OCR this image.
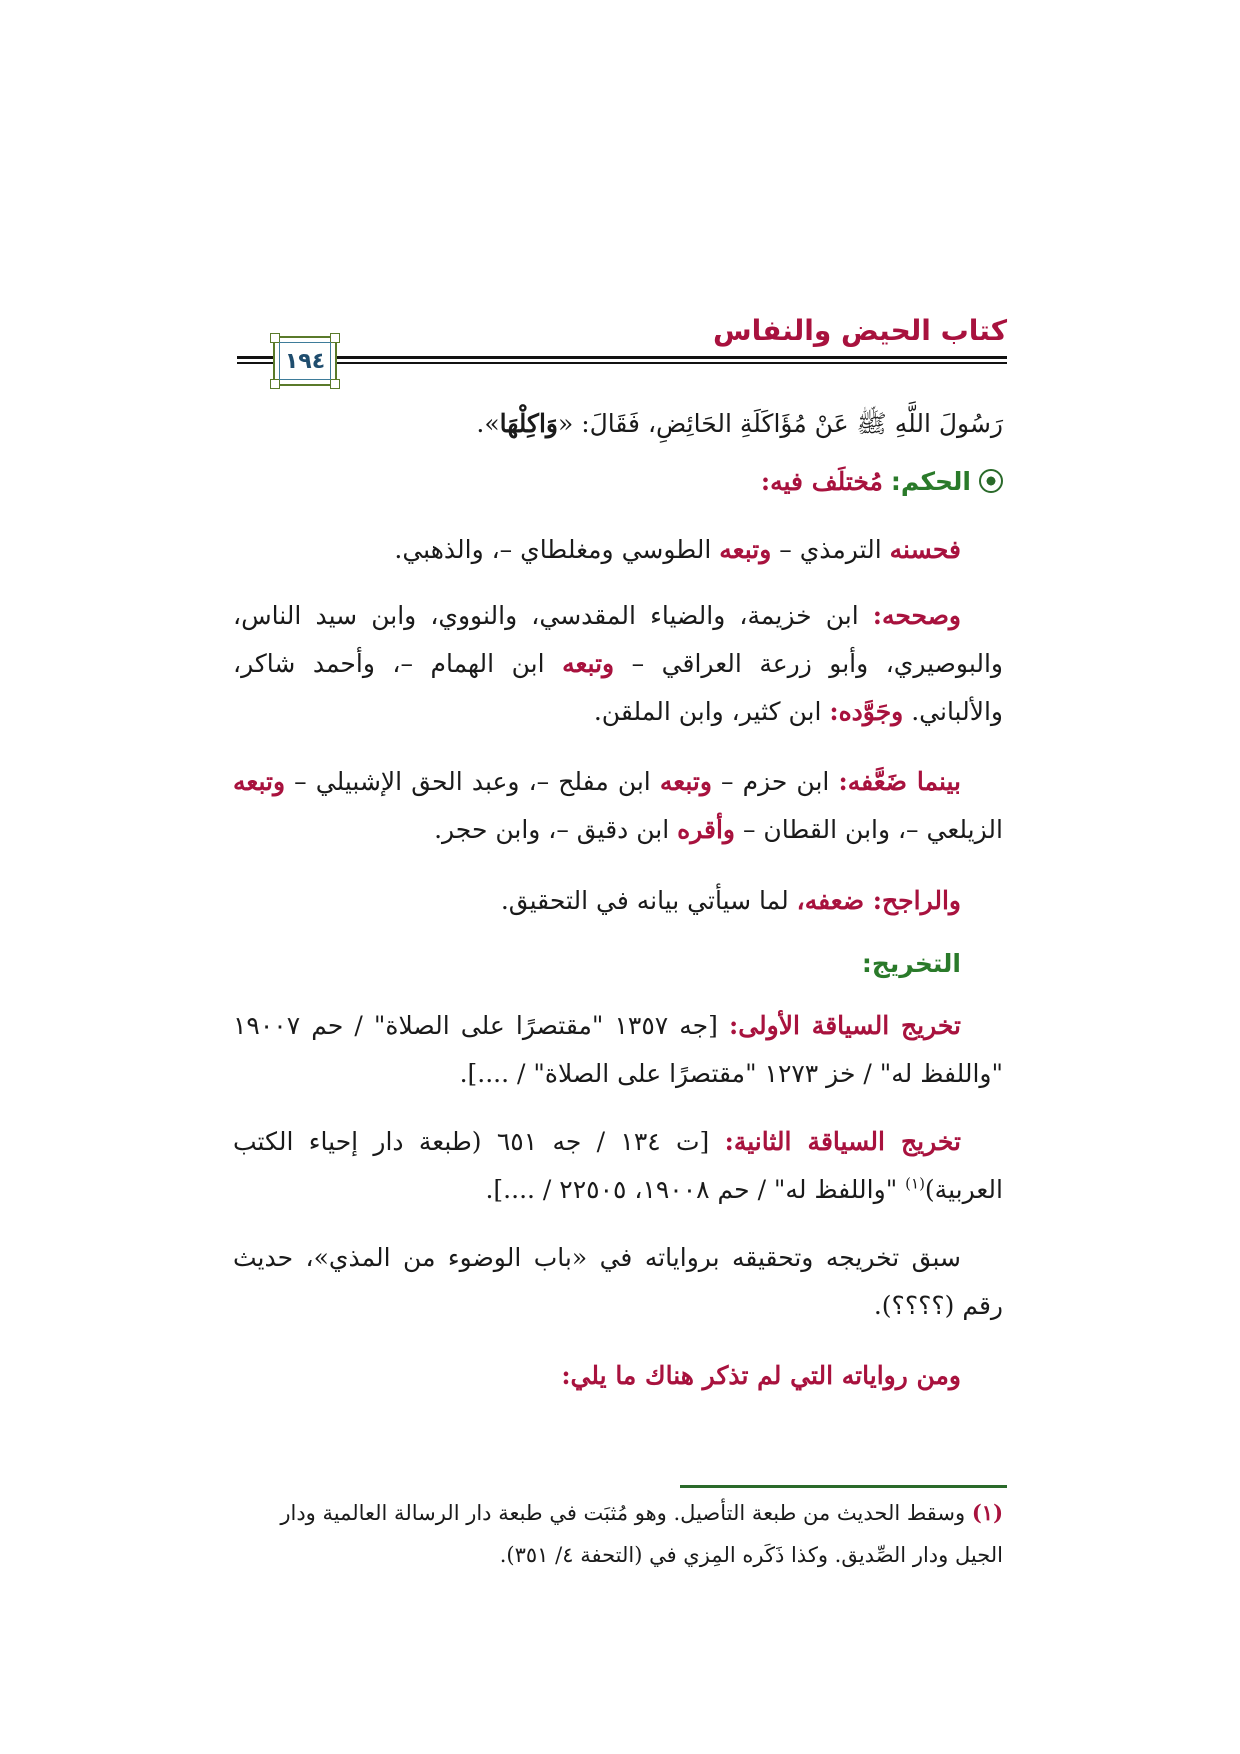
كتاب الحيض والنفاس
١٩٤
رَسُولَ اللَّهِ ﷺ عَنْ مُؤَاكَلَةِ الحَائِضِ، فَقَالَ: «وَاكِلْهَا».
الحكم: مُختلَف فيه:
فحسنه الترمذي – وتبعه الطوسي ومغلطاي –، والذهبي.
وصححه: ابن خزيمة، والضياء المقدسي، والنووي، وابن سيد الناس، والبوصيري، وأبو زرعة العراقي – وتبعه ابن الهمام –، وأحمد شاكر، والألباني. وجَوَّده: ابن كثير، وابن الملقن.
بينما ضَعَّفه: ابن حزم – وتبعه ابن مفلح –، وعبد الحق الإشبيلي – وتبعه الزيلعي –، وابن القطان – وأقره ابن دقيق –، وابن حجر.
والراجح: ضعفه، لما سيأتي بيانه في التحقيق.
التخريج:
تخريج السياقة الأولى: [جه ١٣٥٧ "مقتصرًا على الصلاة" / حم ١٩٠٠٧ "واللفظ له" / خز ١٢٧٣ "مقتصرًا على الصلاة" / ....].
تخريج السياقة الثانية: [ت ١٣٤ / جه ٦٥١ (طبعة دار إحياء الكتب العربية)$^{(١)}$ "واللفظ له" / حم ١٩٠٠٨، ٢٢٥٠٥ / ....].
سبق تخريجه وتحقيقه برواياته في «باب الوضوء من المذي»، حديث رقم (؟؟؟؟).
ومن رواياته التي لم تذكر هناك ما يلي:
(١) وسقط الحديث من طبعة التأصيل. وهو مُثبَت في طبعة دار الرسالة العالمية ودار الجيل ودار الصِّديق. وكذا ذَكَره المِزي في (التحفة ٤/ ٣٥١).
